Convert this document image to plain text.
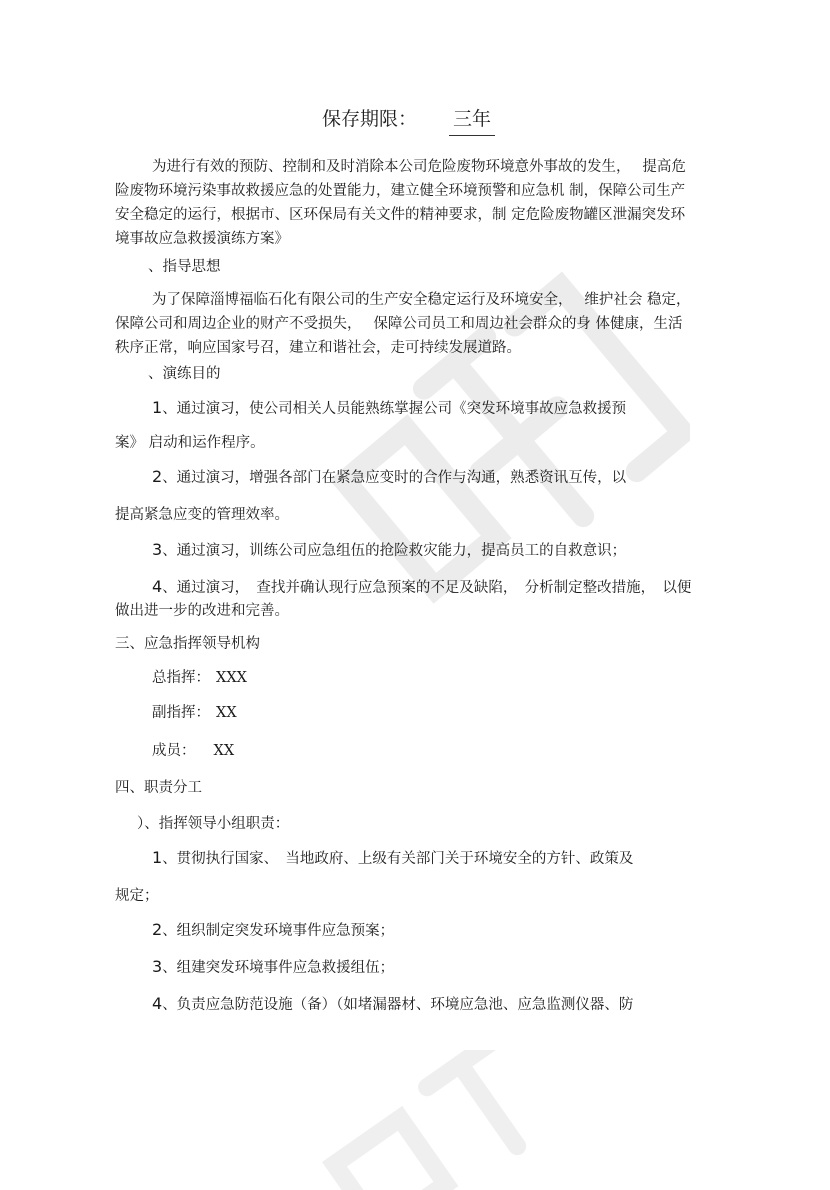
保存期限： 三年
为进行有效的预防、控制和及时消除本公司危险废物环境意外事故的发生，　 提高危
险废物环境污染事故救援应急的处置能力，建立健全环境预警和应急机 制，保障公司生产
安全稳定的运行，根据市、区环保局有关文件的精神要求，制 定危险废物罐区泄漏突发环
境事故应急救援演练方案》
、指导思想
为了保障淄博福临石化有限公司的生产安全稳定运行及环境安全，　 维护社会 稳定，
保障公司和周边企业的财产不受损失，　 保障公司员工和周边社会群众的身 体健康，生活
秩序正常，响应国家号召，建立和谐社会，走可持续发展道路。
、演练目的
1、通过演习，使公司相关人员能熟练掌握公司《突发环境事故应急救援预
案》 启动和运作程序。
2、通过演习，增强各部门在紧急应变时的合作与沟通，熟悉资讯互传，以
提高紧急应变的管理效率。
3、通过演习，训练公司应急组伍的抢险救灾能力，提高员工的自救意识；
4、通过演习，　查找并确认现行应急预案的不足及缺陷，　分析制定整改措施，　以便
做出进一步的改进和完善。
三、应急指挥领导机构
总指挥： XXX
副指挥： XX
成员： XX
四、职责分工
）、指挥领导小组职责：
1、贯彻执行国家、　当地政府、上级有关部门关于环境安全的方针、政策及
规定；
2、组织制定突发环境事件应急预案；
3、组建突发环境事件应急救援组伍；
4、负责应急防范设施（备）（如堵漏器材、环境应急池、应急监测仪器、防
